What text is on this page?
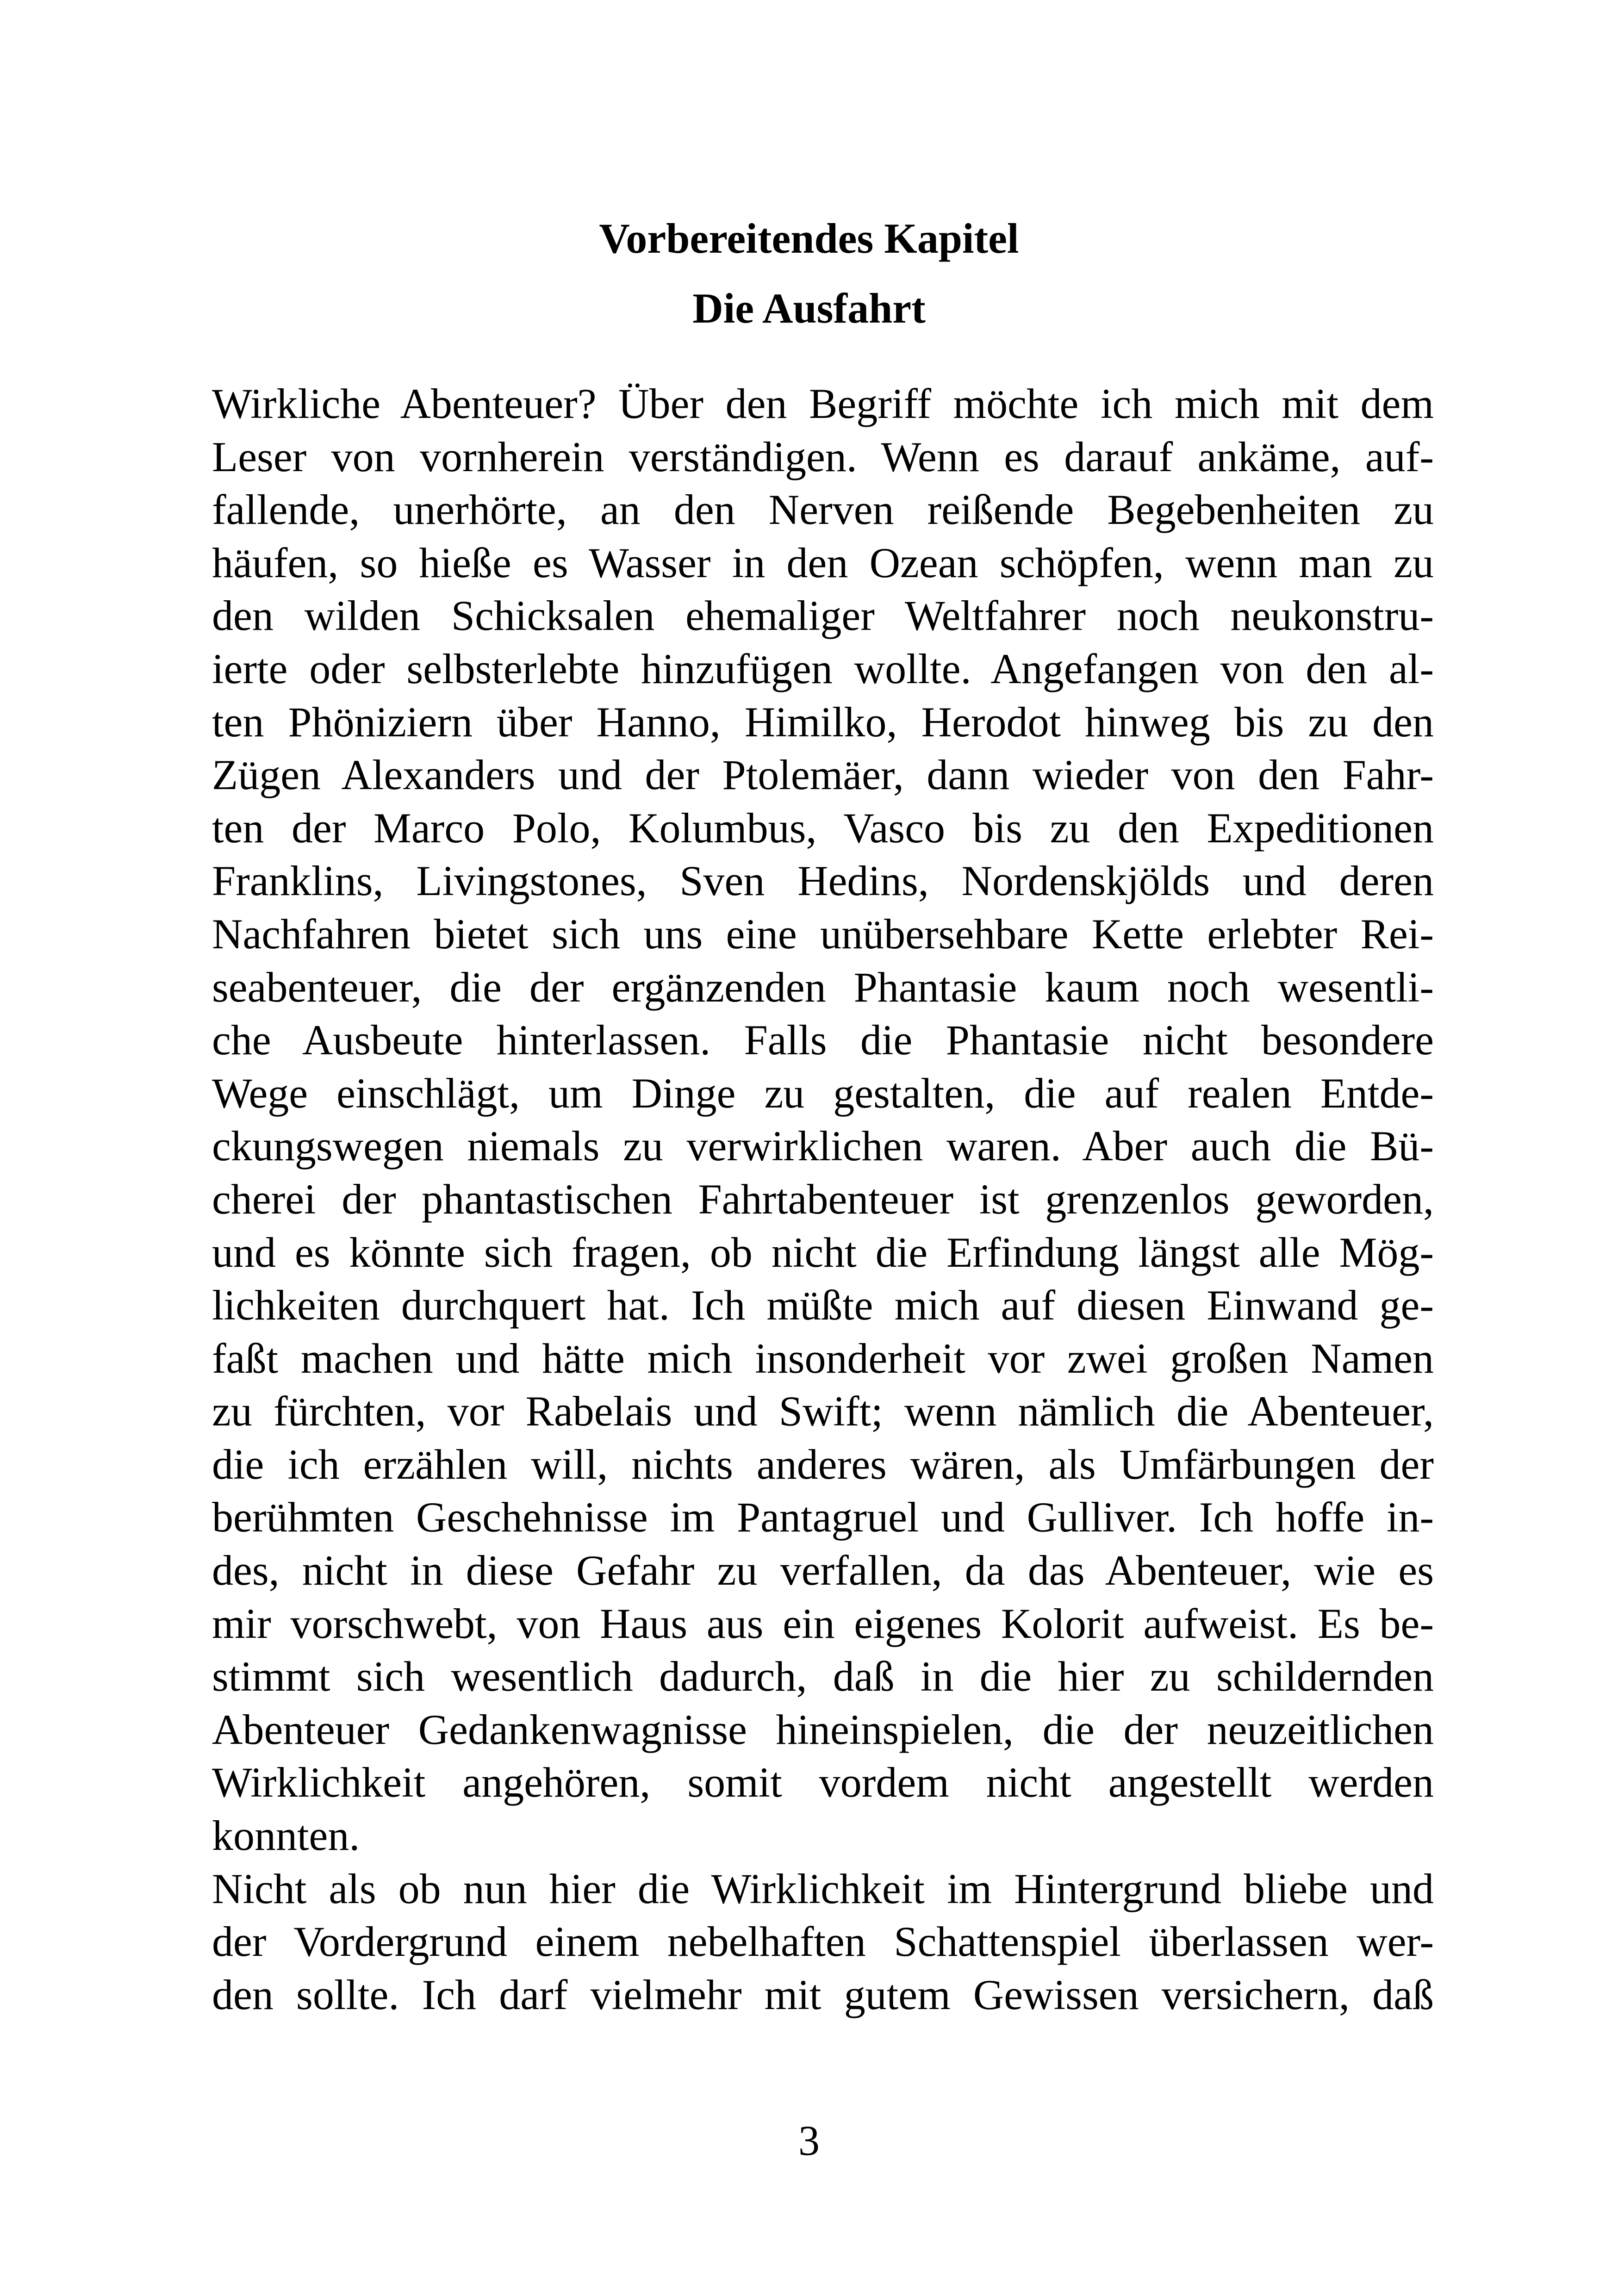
Vorbereitendes Kapitel
Die Ausfahrt
Wirkliche Abenteuer? Über den Begriff möchte ich mich mit dem
Leser von vornherein verständigen. Wenn es darauf ankäme, auf-
fallende, unerhörte, an den Nerven reißende Begebenheiten zu
häufen, so hieße es Wasser in den Ozean schöpfen, wenn man zu
den wilden Schicksalen ehemaliger Weltfahrer noch neukonstru-
ierte oder selbsterlebte hinzufügen wollte. Angefangen von den al-
ten Phöniziern über Hanno, Himilko, Herodot hinweg bis zu den
Zügen Alexanders und der Ptolemäer, dann wieder von den Fahr-
ten der Marco Polo, Kolumbus, Vasco bis zu den Expeditionen
Franklins, Livingstones, Sven Hedins, Nordenskjölds und deren
Nachfahren bietet sich uns eine unübersehbare Kette erlebter Rei-
seabenteuer, die der ergänzenden Phantasie kaum noch wesentli-
che Ausbeute hinterlassen. Falls die Phantasie nicht besondere
Wege einschlägt, um Dinge zu gestalten, die auf realen Entde-
ckungswegen niemals zu verwirklichen waren. Aber auch die Bü-
cherei der phantastischen Fahrtabenteuer ist grenzenlos geworden,
und es könnte sich fragen, ob nicht die Erfindung längst alle Mög-
lichkeiten durchquert hat. Ich müßte mich auf diesen Einwand ge-
faßt machen und hätte mich insonderheit vor zwei großen Namen
zu fürchten, vor Rabelais und Swift; wenn nämlich die Abenteuer,
die ich erzählen will, nichts anderes wären, als Umfärbungen der
berühmten Geschehnisse im Pantagruel und Gulliver. Ich hoffe in-
des, nicht in diese Gefahr zu verfallen, da das Abenteuer, wie es
mir vorschwebt, von Haus aus ein eigenes Kolorit aufweist. Es be-
stimmt sich wesentlich dadurch, daß in die hier zu schildernden
Abenteuer Gedankenwagnisse hineinspielen, die der neuzeitlichen
Wirklichkeit angehören, somit vordem nicht angestellt werden
konnten.
Nicht als ob nun hier die Wirklichkeit im Hintergrund bliebe und
der Vordergrund einem nebelhaften Schattenspiel überlassen wer-
den sollte. Ich darf vielmehr mit gutem Gewissen versichern, daß
3
